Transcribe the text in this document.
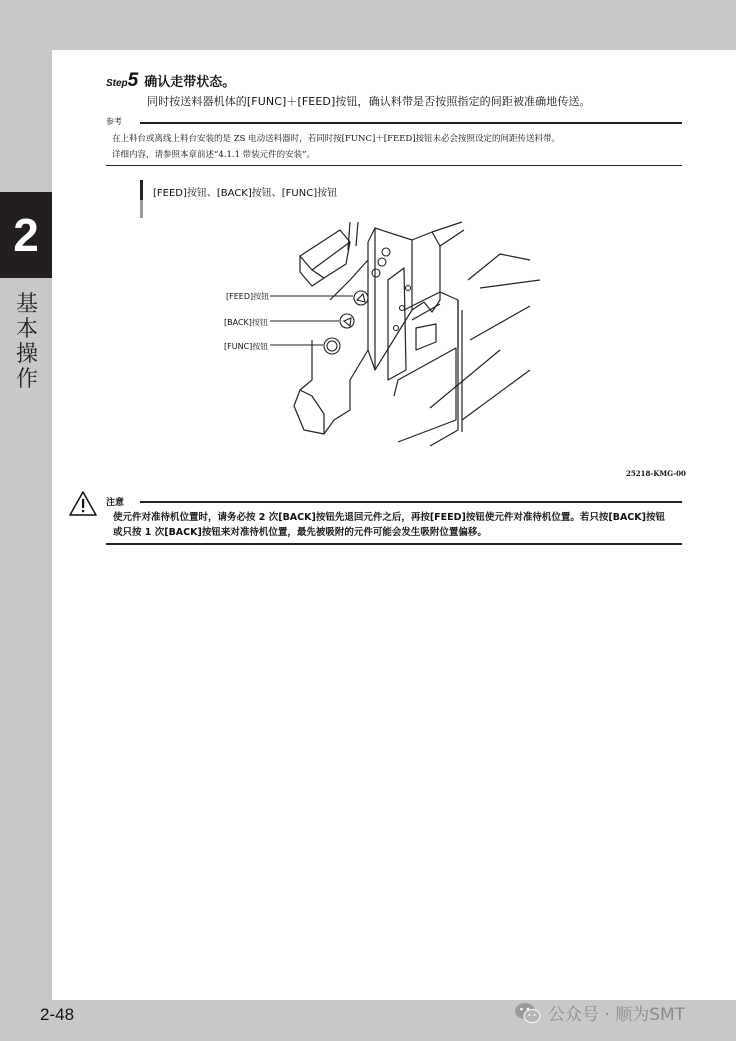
2
基
本
操
作
Step 5 确认走带状态。
同时按送料器机体的[FUNC]＋[FEED]按钮，确认料带是否按照指定的间距被准确地传送。
参考
在上料台或离线上料台安装的是 ZS 电动送料器时，若同时按[FUNC]＋[FEED]按钮未必会按照设定的间距传送料带。
详细内容，请参照本章前述“4.1.1 带装元件的安装”。
[FEED]按钮、[BACK]按钮、[FUNC]按钮
[FEED]按钮
[BACK]按钮
[FUNC]按钮
25218-KMG-00
注意
使元件对准待机位置时，请务必按 2 次[BACK]按钮先退回元件之后，再按[FEED]按钮使元件对准待机位置。若只按[BACK]按钮
或只按 1 次[BACK]按钮来对准待机位置，最先被吸附的元件可能会发生吸附位置偏移。
2-48	公众号 · 顺为SMT
